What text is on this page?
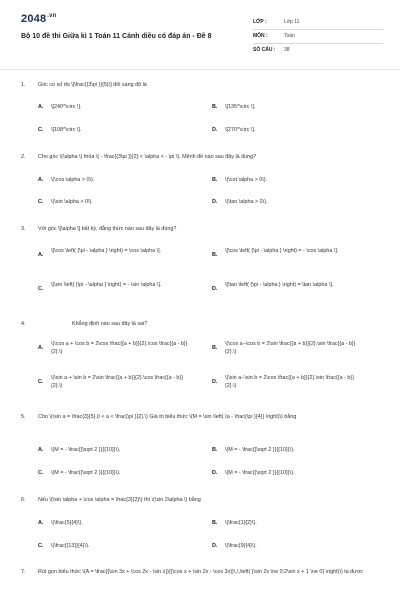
$2048^{.vn}$
Bộ 10 đề thi Giữa kì 1 Toán 11 Cánh diều có đáp án - Đề 8
LỚP :	Lớp 11
MÔN :	Toán
SỐ CÂU : 38
1. Góc có số đo \[\frac{{3\pi }}{5}\] đổi sang độ là
A. \[240^\circ \].	B. \[135^\circ \].
C. \[108^\circ \].	D. \[270^\circ \].
2. Cho góc \(\alpha \) thỏa \( - \frac{{3\pi }}{2} < \alpha < - \pi \). Mệnh đề nào sau đây là đúng?
A. \(\cos \alpha > 0\).	B. \(\cot \alpha > 0\).
C. \(\sin \alpha > 0\).	D. \(\tan \alpha > 0\).
3. Với góc \[\alpha \] bất kỳ, đẳng thức nào sau đây là đúng?
A.
\[\cos \left( {\pi - \alpha } \right) = \cos \alpha \].
B.
\[\cos \left( {\pi - \alpha } \right) = - \cos \alpha \].
C.
\[\sin \left( {\pi - \alpha } \right) = - \sin \alpha \].
D.
\[\tan \left( {\pi - \alpha } \right) = \tan \alpha \].
4.	Khẳng định nào sau đây là sai?
A.
\(\cos a + \cos b = 2\cos \frac{{a + b}}{2}.\cos \frac{{a - b}}{2}.\)
B.
\(\cos a−\cos b = 2\sin \frac{{a + b}}{2}.\sin \frac{{a - b}}{2}.\)
C.
\(\sin a + \sin b = 2\sin \frac{{a + b}}{2}.\cos \frac{{a - b}}{2}.\)
D.
\(\sin a−\sin b = 2\cos \frac{{a + b}}{2}.\sin \frac{{a - b}}{2}.\)
5. Cho \(\sin a = \frac{3}{5},0 < a < \frac{\pi }{2}.\) Giá trị biểu thức \(M = \sin \left( {a - \frac{\pi }{4}} \right)\) bằng
A. \(M = - \frac{{\sqrt 2 }}{{10}}\).	B. \(M = - \frac{{\sqrt 2 }}{{10}}\).
C. \(M = - \frac{{\sqrt 2 }}{{10}}\).	D. \(M = - \frac{{\sqrt 2 }}{{10}}\).
6. Nếu \(\sin \alpha + \cos \alpha = \frac{3}{2}\) thì \(\sin 2\alpha \) bằng
A. \(\frac{5}{4}\).	B. \(\frac{1}{2}\).
C. \(\frac{{13}}{4}\).	D. \(\frac{9}{4}\).
7. Rút gọn biểu thức \(A = \frac{{\sin 3x + \cos 2x - \sin x}}{{\cos x + \sin 2x - \cos 3x}}\,\,\left( {\sin 2x \ne 0;2\sin x + 1 \ne 0} \right)\) ta được
